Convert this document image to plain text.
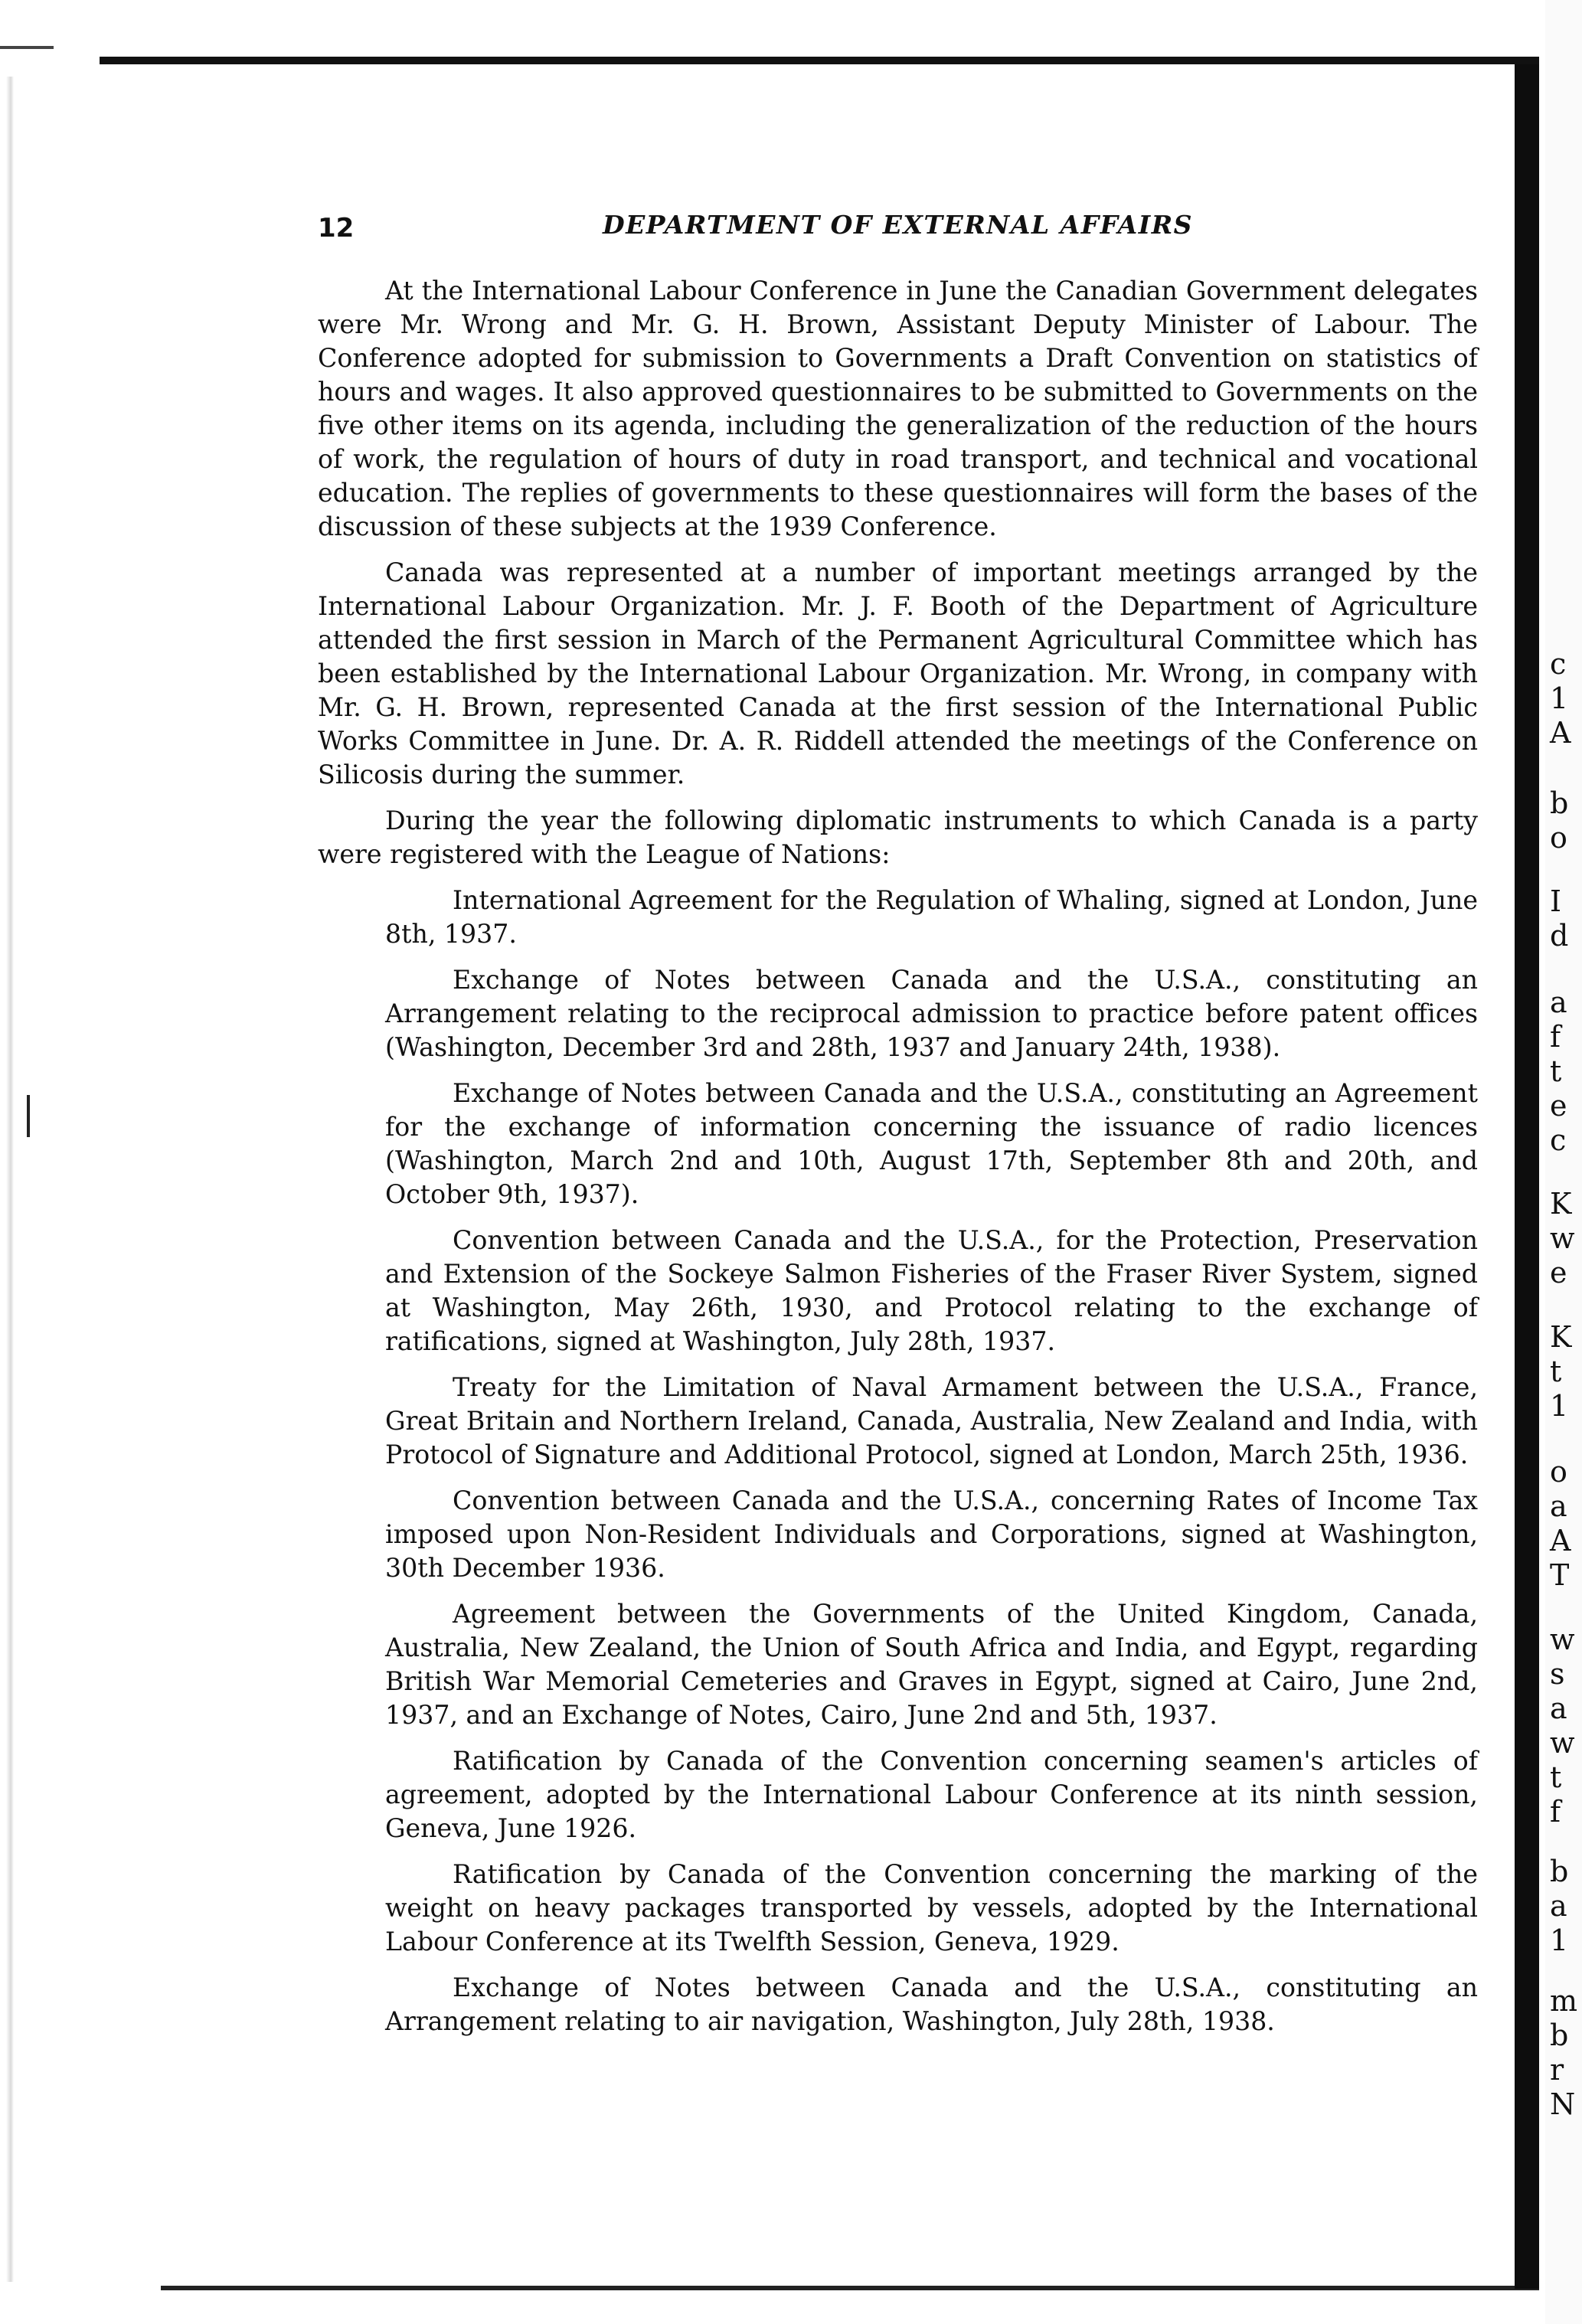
c
1
A
b
o
I
d
a
f
t
e
c
K
w
e
K
t
1
o
a
A
T
w
s
a
w
t
f
b
a
1
m
b
r
N
12	DEPARTMENT OF EXTERNAL AFFAIRS

At the International Labour Conference in June the Canadian Government delegates were Mr. Wrong and Mr. G. H. Brown, Assistant Deputy Minister of Labour. The Conference adopted for submission to Governments a Draft Convention on statistics of hours and wages. It also approved questionnaires to be submitted to Governments on the five other items on its agenda, including the generalization of the reduction of the hours of work, the regulation of hours of duty in road transport, and technical and vocational education. The replies of governments to these questionnaires will form the bases of the discussion of these subjects at the 1939 Conference.

Canada was represented at a number of important meetings arranged by the International Labour Organization. Mr. J. F. Booth of the Department of Agriculture attended the first session in March of the Permanent Agricultural Committee which has been established by the International Labour Organization. Mr. Wrong, in company with Mr. G. H. Brown, represented Canada at the first session of the International Public Works Committee in June. Dr. A. R. Riddell attended the meetings of the Conference on Silicosis during the summer.

During the year the following diplomatic instruments to which Canada is a party were registered with the League of Nations:

International Agreement for the Regulation of Whaling, signed at London, June 8th, 1937.

Exchange of Notes between Canada and the U.S.A., constituting an Arrangement relating to the reciprocal admission to practice before patent offices (Washington, December 3rd and 28th, 1937 and January 24th, 1938).

Exchange of Notes between Canada and the U.S.A., constituting an Agreement for the exchange of information concerning the issuance of radio licences (Washington, March 2nd and 10th, August 17th, September 8th and 20th, and October 9th, 1937).

Convention between Canada and the U.S.A., for the Protection, Preservation and Extension of the Sockeye Salmon Fisheries of the Fraser River System, signed at Washington, May 26th, 1930, and Protocol relating to the exchange of ratifications, signed at Washington, July 28th, 1937.

Treaty for the Limitation of Naval Armament between the U.S.A., France, Great Britain and Northern Ireland, Canada, Australia, New Zealand and India, with Protocol of Signature and Additional Protocol, signed at London, March 25th, 1936.

Convention between Canada and the U.S.A., concerning Rates of Income Tax imposed upon Non-Resident Individuals and Corporations, signed at Washington, 30th December 1936.

Agreement between the Governments of the United Kingdom, Canada, Australia, New Zealand, the Union of South Africa and India, and Egypt, regarding British War Memorial Cemeteries and Graves in Egypt, signed at Cairo, June 2nd, 1937, and an Exchange of Notes, Cairo, June 2nd and 5th, 1937.

Ratification by Canada of the Convention concerning seamen's articles of agreement, adopted by the International Labour Conference at its ninth session, Geneva, June 1926.

Ratification by Canada of the Convention concerning the marking of the weight on heavy packages transported by vessels, adopted by the International Labour Conference at its Twelfth Session, Geneva, 1929.

Exchange of Notes between Canada and the U.S.A., constituting an Arrangement relating to air navigation, Washington, July 28th, 1938.
